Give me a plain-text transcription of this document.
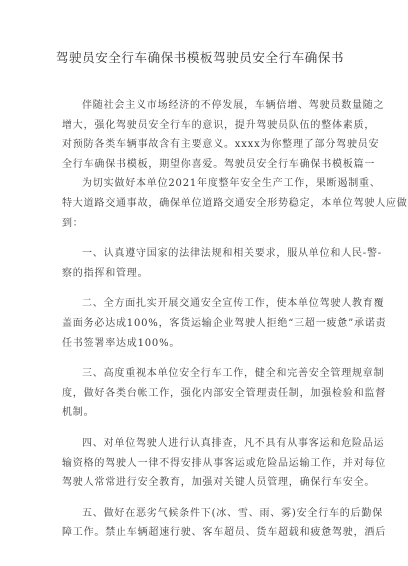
驾驶员安全行车确保书模板驾驶员安全行车确保书
伴随社会主义市场经济的不停发展，车辆倍增、驾驶员数量随之
增大，强化驾驶员安全行车的意识，提升驾驶员队伍的整体素质，
对预防各类车辆事故含有主要意义。xxxx为你整理了部分驾驶员安
全行车确保书模板，期望你喜爱。驾驶员安全行车确保书模板篇一
为切实做好本单位2021年度整年安全生产工作，果断遏制重、
特大道路交通事故，确保单位道路交通安全形势稳定，本单位驾驶人应做
到：
一、认真遵守国家的法律法规和相关要求，服从单位和人民-警-
察的指挥和管理。
二、全方面扎实开展交通安全宣传工作，使本单位驾驶人教育覆
盖面务必达成100%，客货运输企业驾驶人拒绝“三超一疲惫”承诺责
任书签署率达成100%。
三、高度重视本单位安全行车工作，健全和完善安全管理规章制
度，做好各类台帐工作，强化内部安全管理责任制，加强检验和监督
机制。
四、对单位驾驶人进行认真排查，凡不具有从事客运和危险品运
输资格的驾驶人一律不得安排从事客运或危险品运输工作，并对每位
驾驶人常常进行安全教育，加强对关键人员管理，确保行车安全。
五、做好在恶劣气候条件下(冰、雪、雨、雾)安全行车的后勤保
障工作。禁止车辆超速行驶、客车超员、货车超载和疲惫驾驶，酒后
